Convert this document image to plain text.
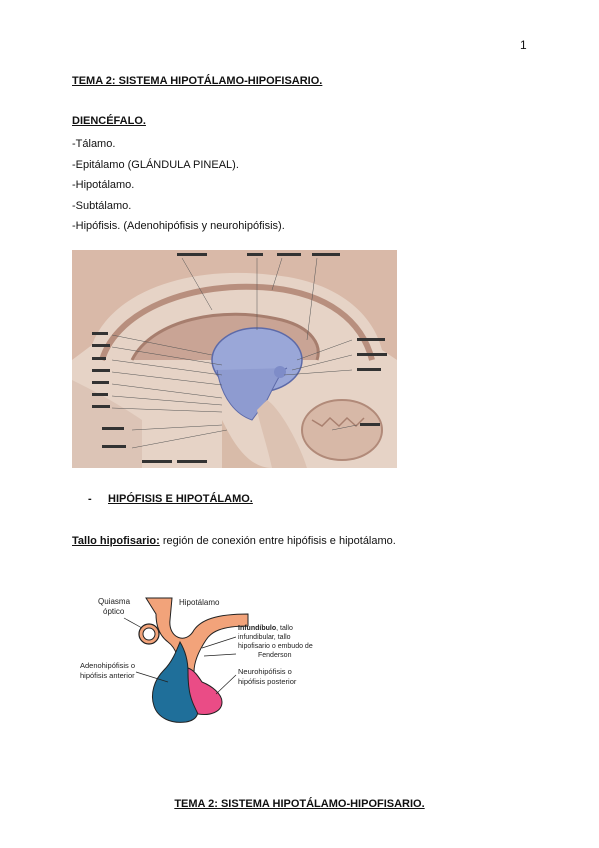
1
TEMA 2: SISTEMA HIPOTÁLAMO-HIPOFISARIO.
DIENCÉFALO.
-Tálamo.
-Epitálamo (GLÁNDULA PINEAL).
-Hipotálamo.
-Subtálamo.
-Hipófisis. (Adenohipófisis y neurohipófisis).
- HIPÓFISIS E HIPOTÁLAMO.
Tallo hipofisario: región de conexión entre hipófisis e hipotálamo.
Quiasma
óptico
Hipotálamo
Infundíbulo, tallo
infundibular, tallo
hipofisario o embudo de
Fenderson
Neurohipófisis o
hipófisis posterior
Adenohipófisis o
hipófisis anterior
TEMA 2: SISTEMA HIPOTÁLAMO-HIPOFISARIO.
